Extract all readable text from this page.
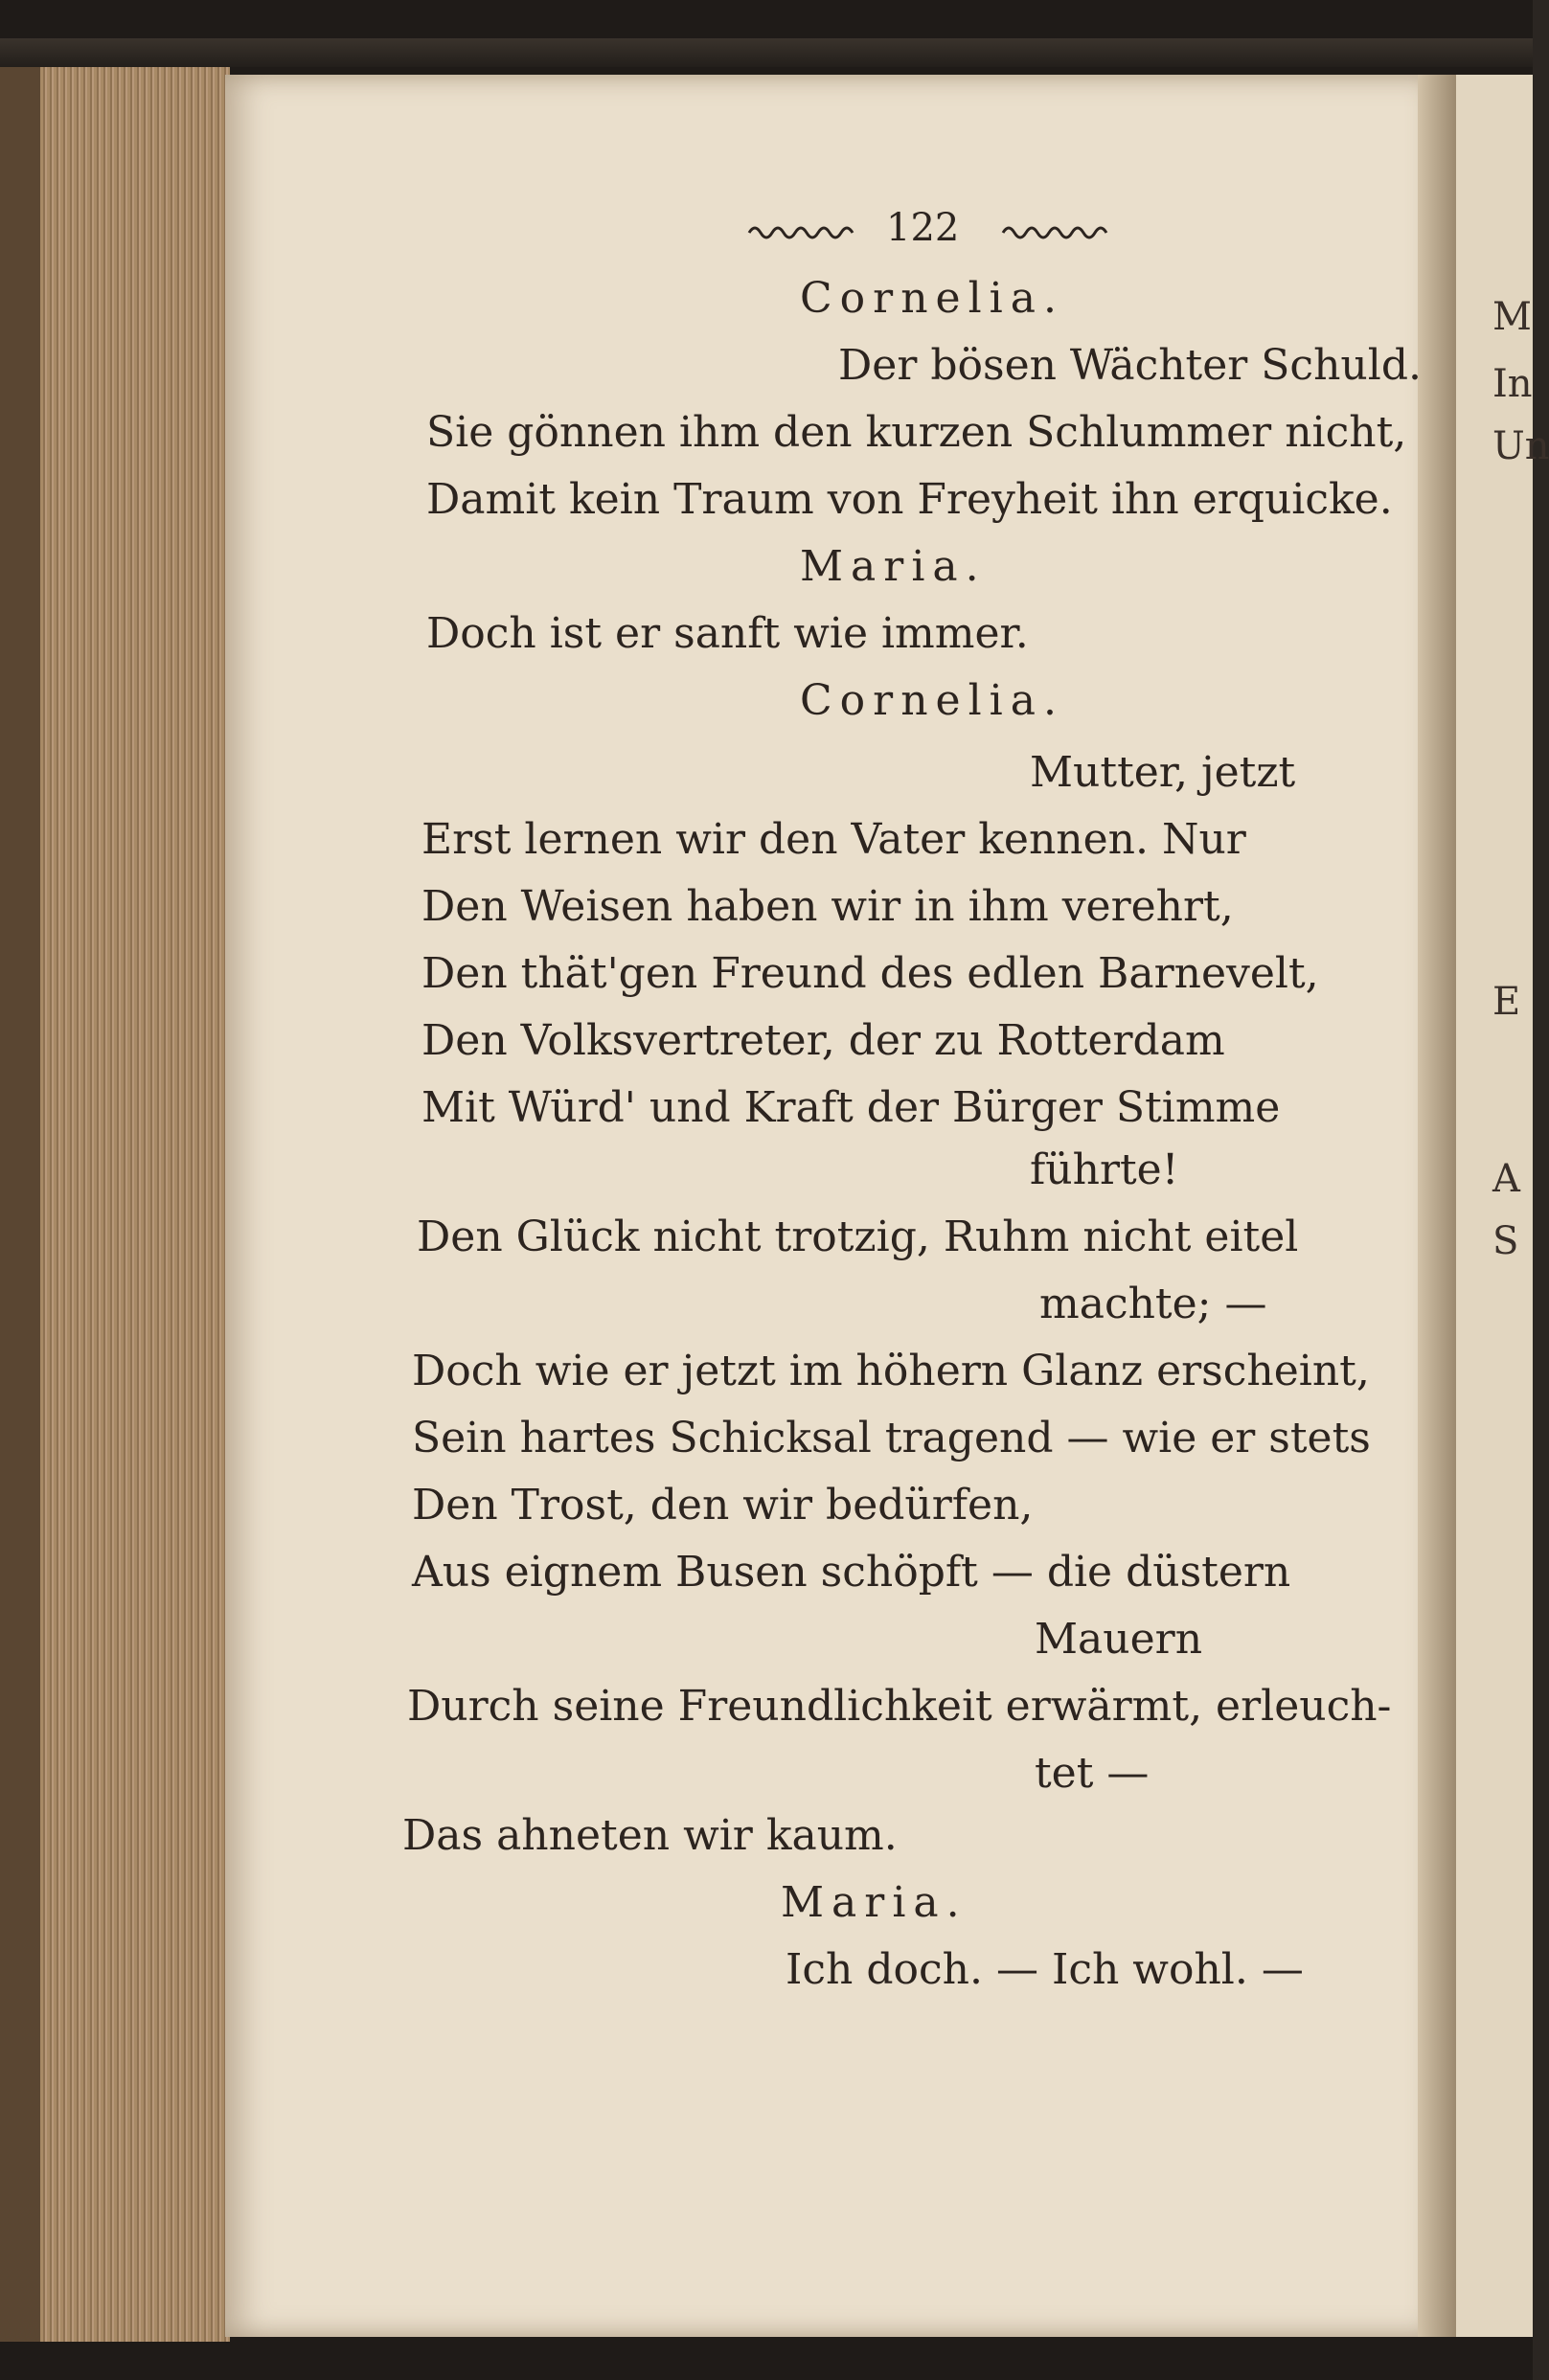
M
In
Un
E
A
S
122
Cornelia.
Der bösen Wächter Schuld.
Sie gönnen ihm den kurzen Schlummer nicht,
Damit kein Traum von Freyheit ihn erquicke.
Maria.
Doch ist er sanft wie immer.
Cornelia.
Mutter, jetzt
Erst lernen wir den Vater kennen. Nur
Den Weisen haben wir in ihm verehrt,
Den thät'gen Freund des edlen Barnevelt,
Den Volksvertreter, der zu Rotterdam
Mit Würd' und Kraft der Bürger Stimme
führte!
Den Glück nicht trotzig, Ruhm nicht eitel
machte; —
Doch wie er jetzt im höhern Glanz erscheint,
Sein hartes Schicksal tragend — wie er stets
Den Trost, den wir bedürfen,
Aus eignem Busen schöpft — die düstern
Mauern
Durch seine Freundlichkeit erwärmt, erleuch-
tet —
Das ahneten wir kaum.
Maria.
Ich doch. — Ich wohl. —
